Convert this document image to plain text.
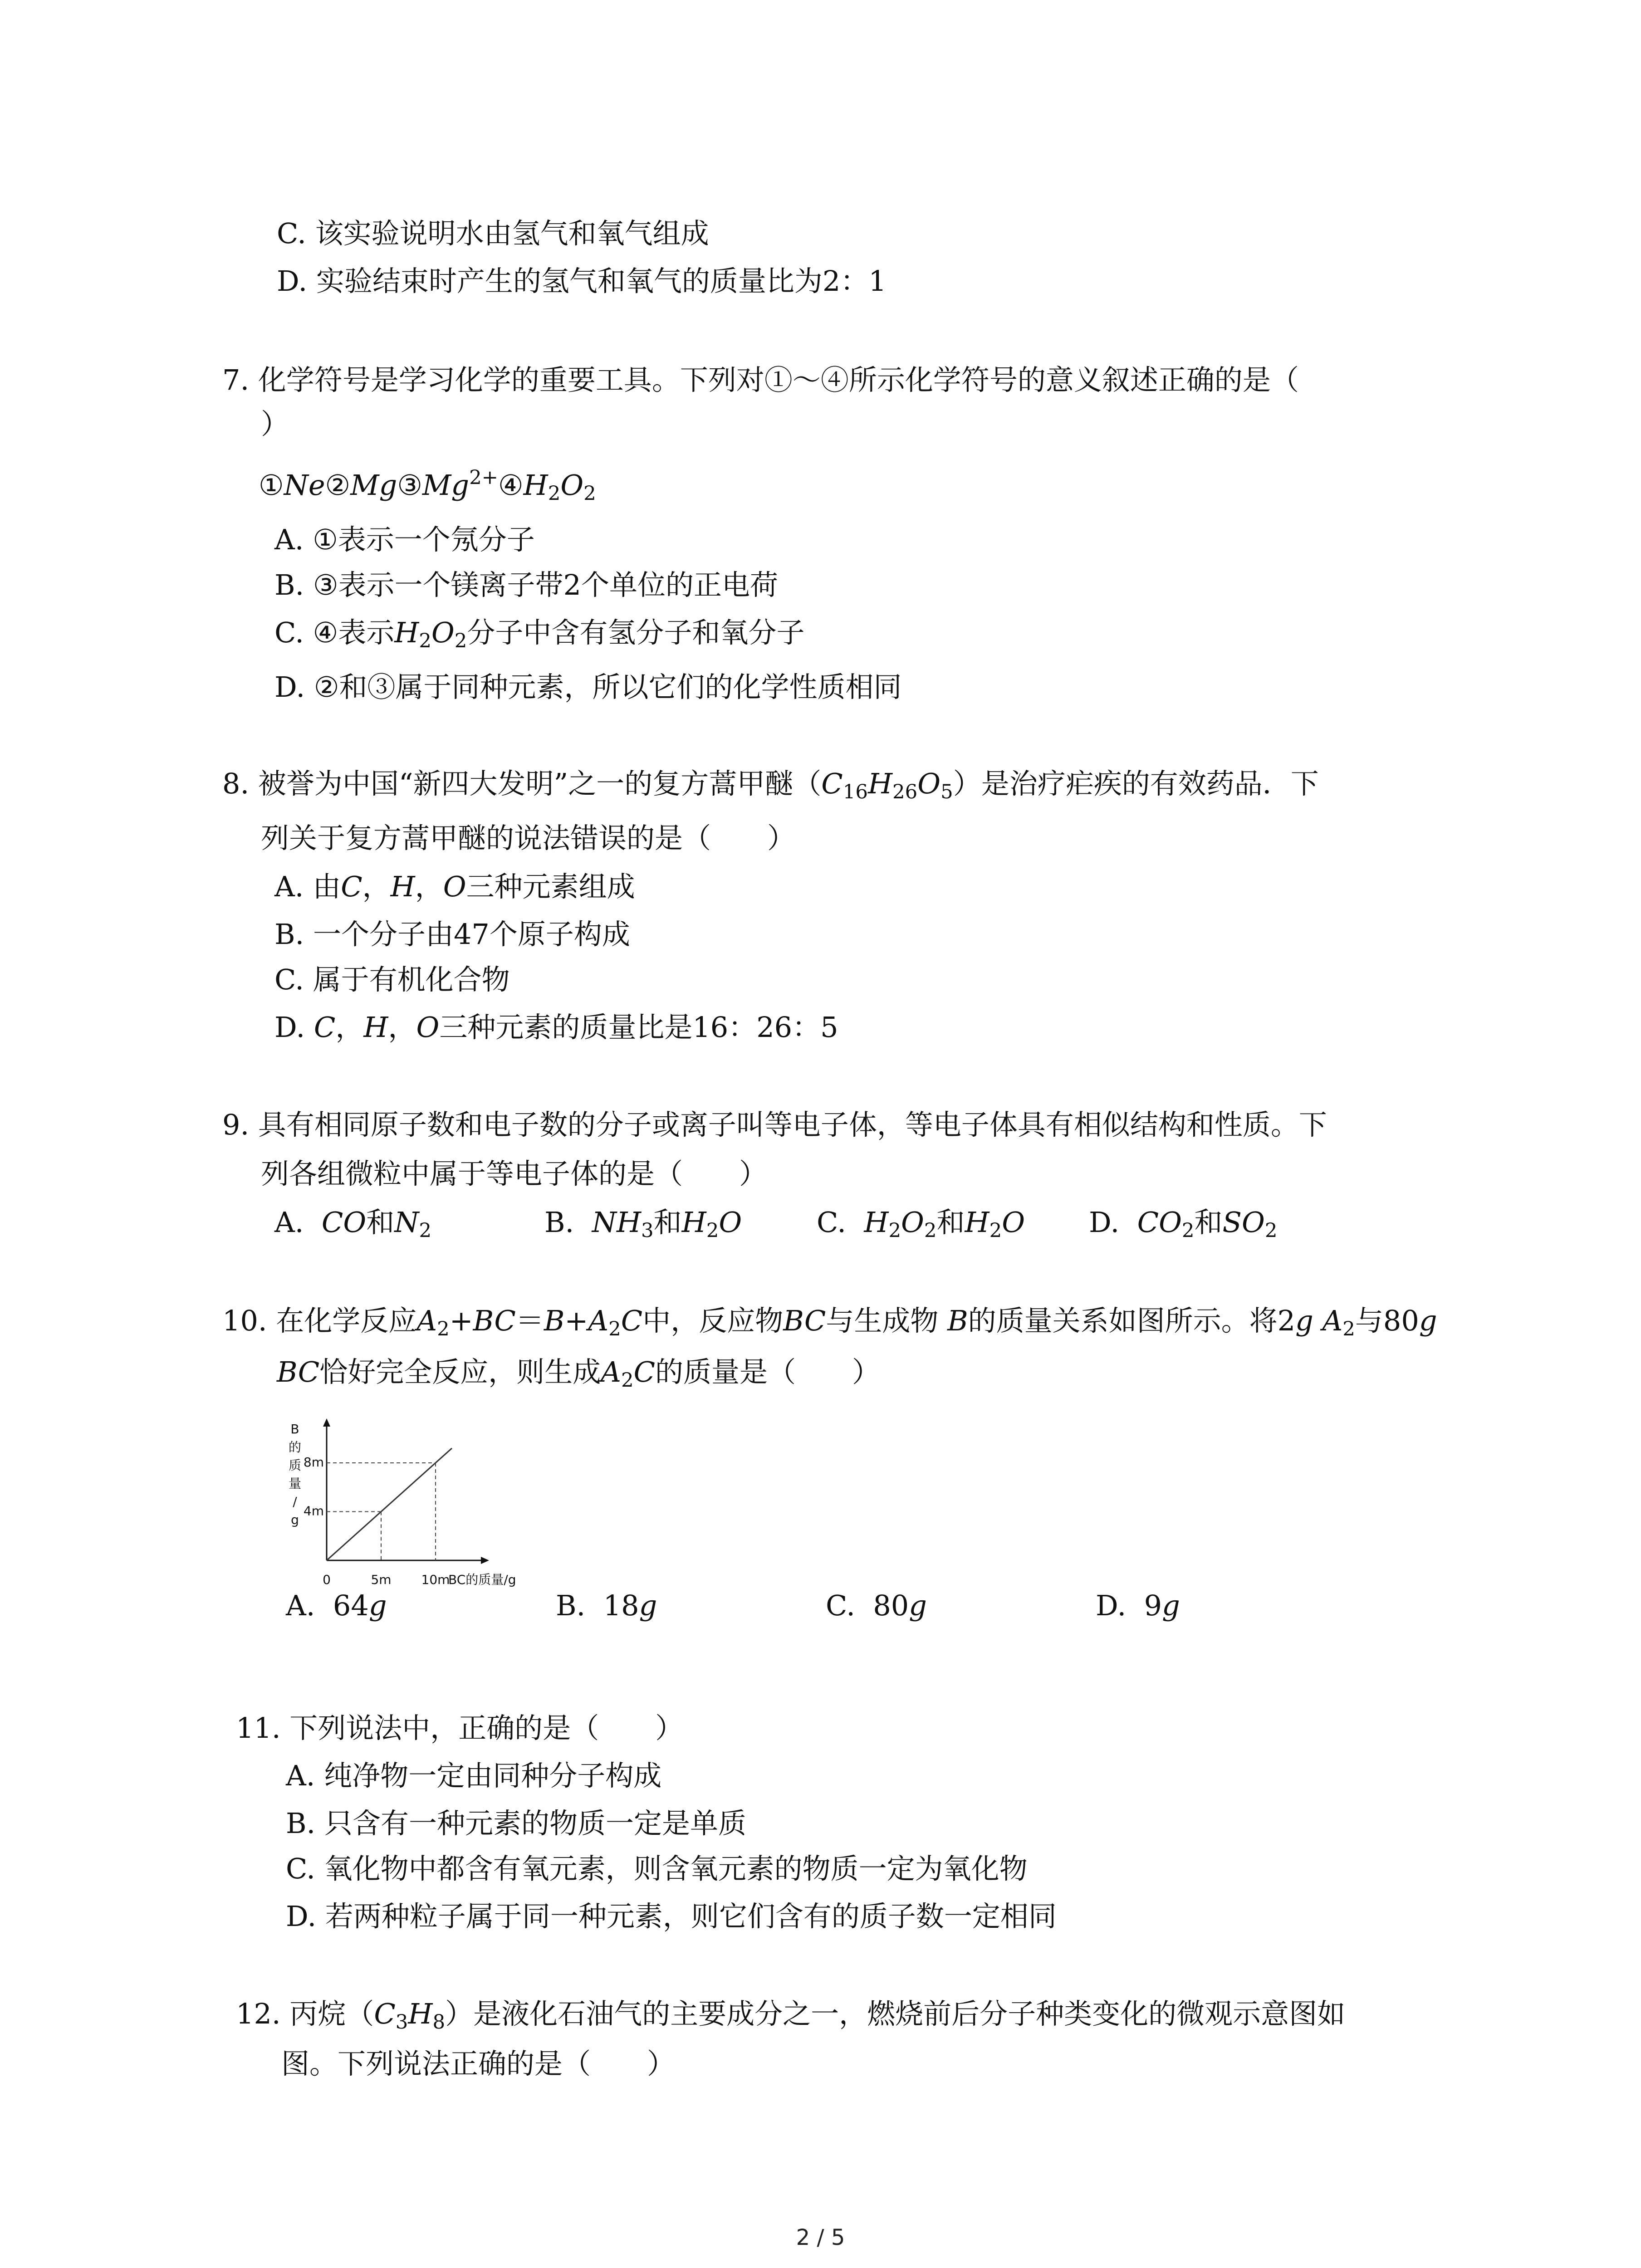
C. 该实验说明水由氢气和氧气组成
D. 实验结束时产生的氢气和氧气的质量比为2：1
7. 化学符号是学习化学的重要工具。下列对①～④所示化学符号的意义叙述正确的是（
）
$①Ne②Mg③Mg^{2+}④H_2O_2$
A. ①表示一个氖分子
B. ③表示一个镁离子带2个单位的正电荷
C. ④表示$H_2O_2$分子中含有氢分子和氧分子
D. ②和③属于同种元素，所以它们的化学性质相同
8. 被誉为中国“新四大发明”之一的复方蒿甲醚$(C_{16}H_{26}O_5)$是治疗疟疾的有效药品．下
列关于复方蒿甲醚的说法错误的是（　　）
A. 由C，H，O三种元素组成
B. 一个分子由47个原子构成
C. 属于有机化合物
D. C，H，O三种元素的质量比是16：26：5
9. 具有相同原子数和电子数的分子或离子叫等电子体，等电子体具有相似结构和性质。下
列各组微粒中属于等电子体的是（　　）
A. CO和$N_2$	B. $NH_3$和$H_2O$	C. $H_2O_2$和$H_2O$ D. $CO_2$和$SO_2$
10. 在化学反应$A_2+BC=B+A_2C$中，反应物BC与生成物 B的质量关系如图所示。将2g $A_2$与80g
BC恰好完全反应，则生成$A_2C$的质量是（　　）
0	5m 10m
4m
8m
BC的质量/g
B 的质量/ g
A. 64g	B. 18g	C. 80g	D. 9g
11. 下列说法中，正确的是（　　）
A. 纯净物一定由同种分子构成
B. 只含有一种元素的物质一定是单质
C. 氧化物中都含有氧元素，则含氧元素的物质一定为氧化物
D. 若两种粒子属于同一种元素，则它们含有的质子数一定相同
12. 丙烷$(C_3H_8)$是液化石油气的主要成分之一，燃烧前后分子种类变化的微观示意图如
图。下列说法正确的是（　　）
2 / 5
